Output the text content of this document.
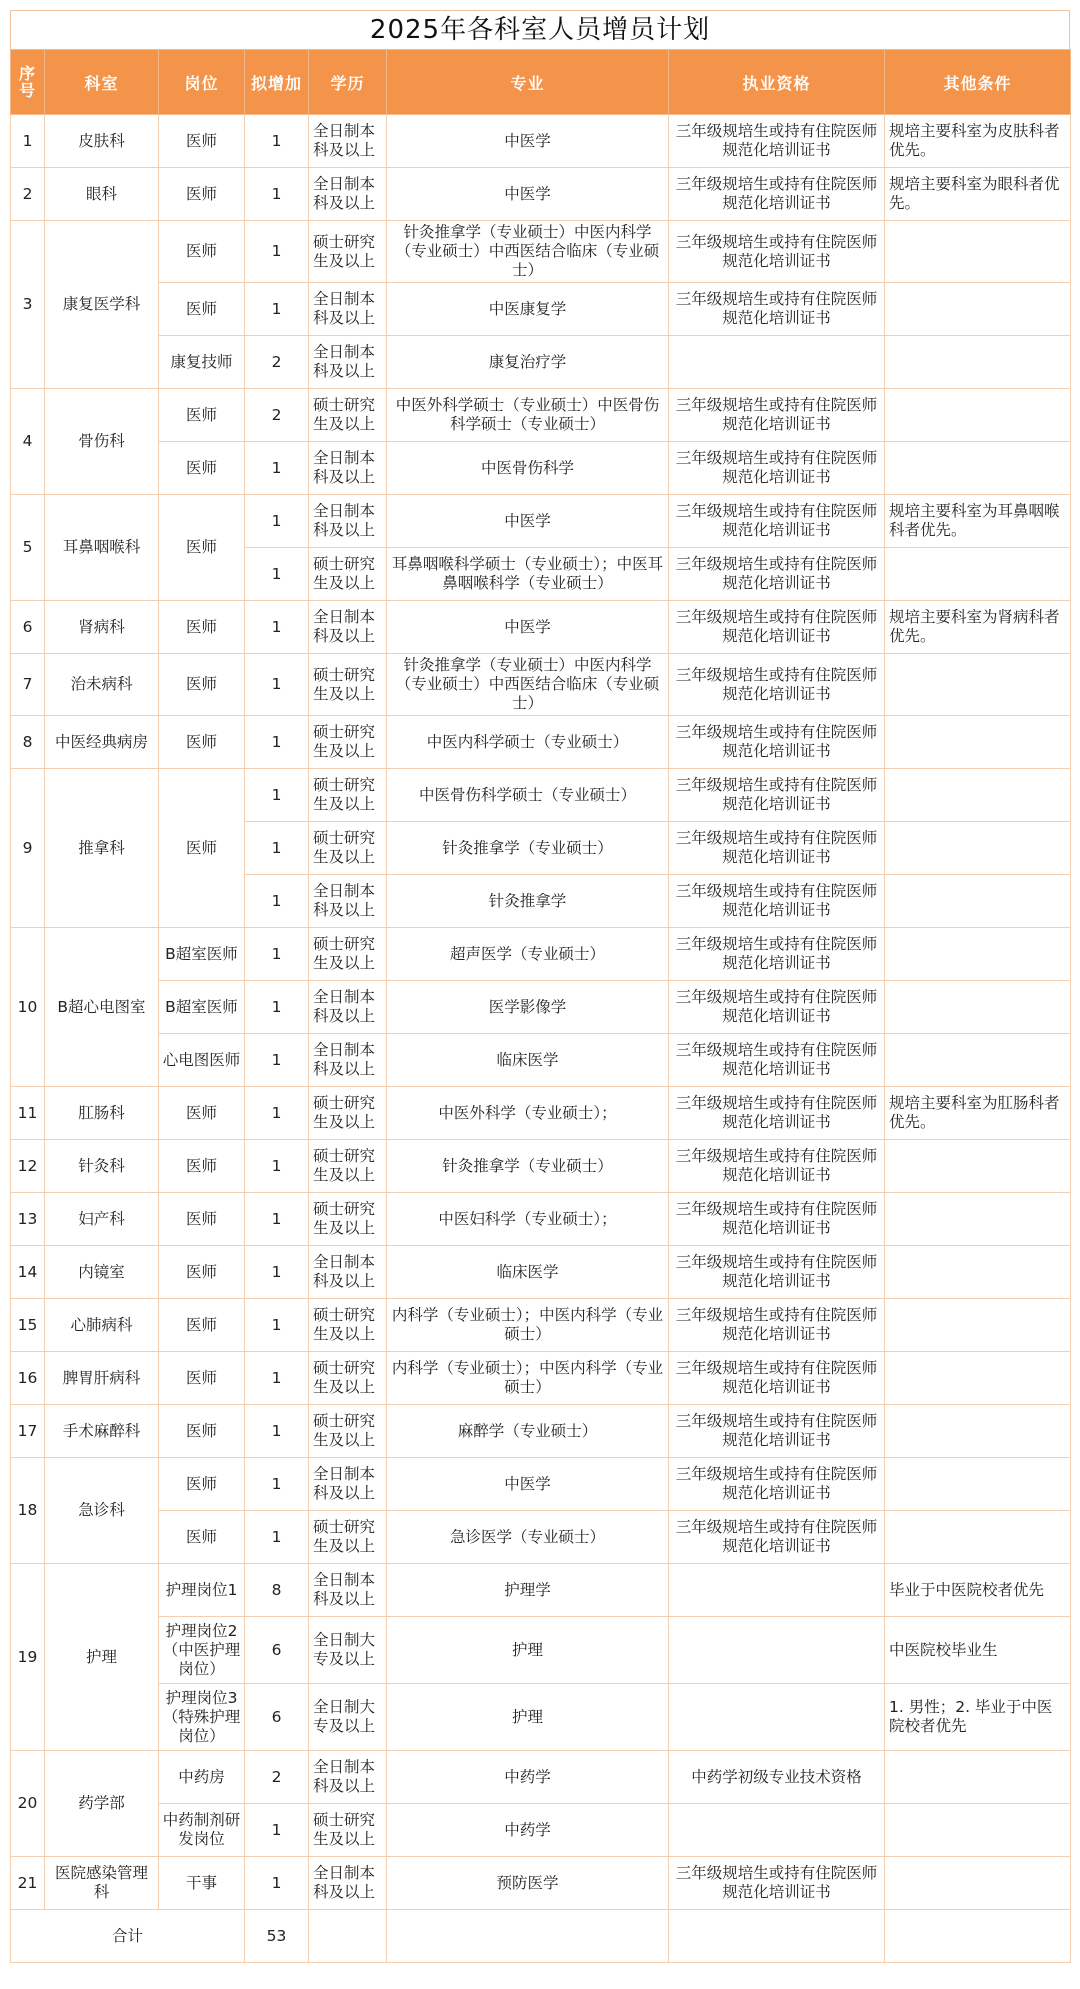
2025年各科室人员增员计划
序号	科室	岗位	拟增加	学历	专业	执业资格	其他条件
1	皮肤科	医师	1	全日制本科及以上	中医学	三年级规培生或持有住院医师规范化培训证书	规培主要科室为皮肤科者优先。
2	眼科	医师	1	全日制本科及以上	中医学	三年级规培生或持有住院医师规范化培训证书	规培主要科室为眼科者优先。
3	康复医学科	医师	1	硕士研究生及以上	针灸推拿学（专业硕士）中医内科学（专业硕士）中西医结合临床（专业硕士）	三年级规培生或持有住院医师规范化培训证书	
		医师	1	全日制本科及以上	中医康复学	三年级规培生或持有住院医师规范化培训证书	
		康复技师	2	全日制本科及以上	康复治疗学		
4	骨伤科	医师	2	硕士研究生及以上	中医外科学硕士（专业硕士）中医骨伤科学硕士（专业硕士）	三年级规培生或持有住院医师规范化培训证书	
		医师	1	全日制本科及以上	中医骨伤科学	三年级规培生或持有住院医师规范化培训证书	
5	耳鼻咽喉科	医师	1	全日制本科及以上	中医学	三年级规培生或持有住院医师规范化培训证书	规培主要科室为耳鼻咽喉科者优先。
			1	硕士研究生及以上	耳鼻咽喉科学硕士（专业硕士）；中医耳鼻咽喉科学（专业硕士）	三年级规培生或持有住院医师规范化培训证书	
6	肾病科	医师	1	全日制本科及以上	中医学	三年级规培生或持有住院医师规范化培训证书	规培主要科室为肾病科者优先。
7	治未病科	医师	1	硕士研究生及以上	针灸推拿学（专业硕士）中医内科学（专业硕士）中西医结合临床（专业硕士）	三年级规培生或持有住院医师规范化培训证书	
8	中医经典病房	医师	1	硕士研究生及以上	中医内科学硕士（专业硕士）	三年级规培生或持有住院医师规范化培训证书	
9	推拿科	医师	1	硕士研究生及以上	中医骨伤科学硕士（专业硕士）	三年级规培生或持有住院医师规范化培训证书	
			1	硕士研究生及以上	针灸推拿学（专业硕士）	三年级规培生或持有住院医师规范化培训证书	
			1	全日制本科及以上	针灸推拿学	三年级规培生或持有住院医师规范化培训证书	
10	B超心电图室	B超室医师	1	硕士研究生及以上	超声医学（专业硕士）	三年级规培生或持有住院医师规范化培训证书	
		B超室医师	1	全日制本科及以上	医学影像学	三年级规培生或持有住院医师规范化培训证书	
		心电图医师	1	全日制本科及以上	临床医学	三年级规培生或持有住院医师规范化培训证书	
11	肛肠科	医师	1	硕士研究生及以上	中医外科学（专业硕士）；	三年级规培生或持有住院医师规范化培训证书	规培主要科室为肛肠科者优先。
12	针灸科	医师	1	硕士研究生及以上	针灸推拿学（专业硕士）	三年级规培生或持有住院医师规范化培训证书	
13	妇产科	医师	1	硕士研究生及以上	中医妇科学（专业硕士）；	三年级规培生或持有住院医师规范化培训证书	
14	内镜室	医师	1	全日制本科及以上	临床医学	三年级规培生或持有住院医师规范化培训证书	
15	心肺病科	医师	1	硕士研究生及以上	内科学（专业硕士）；中医内科学（专业硕士）	三年级规培生或持有住院医师规范化培训证书	
16	脾胃肝病科	医师	1	硕士研究生及以上	内科学（专业硕士）；中医内科学（专业硕士）	三年级规培生或持有住院医师规范化培训证书	
17	手术麻醉科	医师	1	硕士研究生及以上	麻醉学（专业硕士）	三年级规培生或持有住院医师规范化培训证书	
18	急诊科	医师	1	全日制本科及以上	中医学	三年级规培生或持有住院医师规范化培训证书	
		医师	1	硕士研究生及以上	急诊医学（专业硕士）	三年级规培生或持有住院医师规范化培训证书	
19	护理	护理岗位1	8	全日制本科及以上	护理学		毕业于中医院校者优先
		护理岗位2（中医护理岗位）	6	全日制大专及以上	护理		中医院校毕业生
		护理岗位3（特殊护理岗位）	6	全日制大专及以上	护理		1. 男性；2. 毕业于中医院校者优先
20	药学部	中药房	2	全日制本科及以上	中药学	中药学初级专业技术资格	
		中药制剂研发岗位	1	硕士研究生及以上	中药学		
21	医院感染管理科	干事	1	全日制本科及以上	预防医学	三年级规培生或持有住院医师规范化培训证书	
合计			53				
